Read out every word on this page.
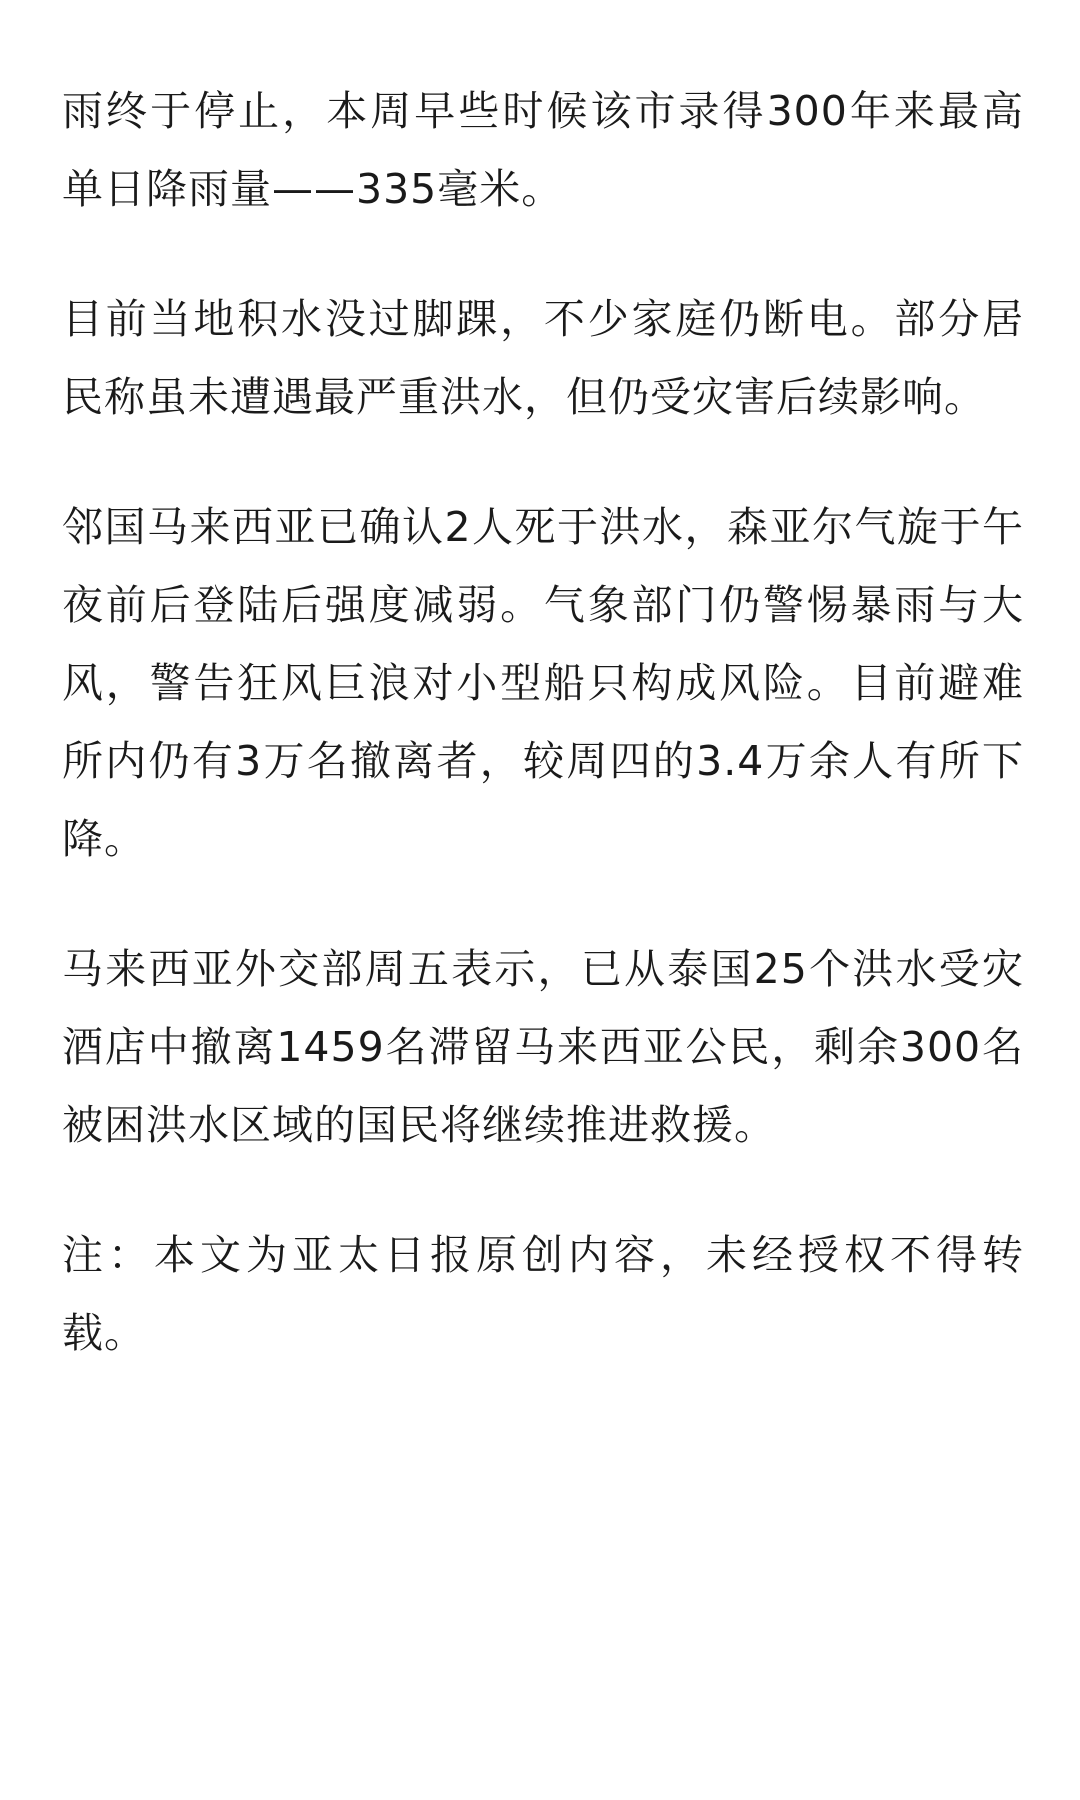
雨终于停止，本周早些时候该市录得300年来最高单日降雨量——335毫米。

目前当地积水没过脚踝，不少家庭仍断电。部分居民称虽未遭遇最严重洪水，但仍受灾害后续影响。

邻国马来西亚已确认2人死于洪水，森亚尔气旋于午夜前后登陆后强度减弱。气象部门仍警惕暴雨与大风，警告狂风巨浪对小型船只构成风险。目前避难所内仍有3万名撤离者，较周四的3.4万余人有所下降。

马来西亚外交部周五表示，已从泰国25个洪水受灾酒店中撤离1459名滞留马来西亚公民，剩余300名被困洪水区域的国民将继续推进救援。

注：本文为亚太日报原创内容，未经授权不得转载。
